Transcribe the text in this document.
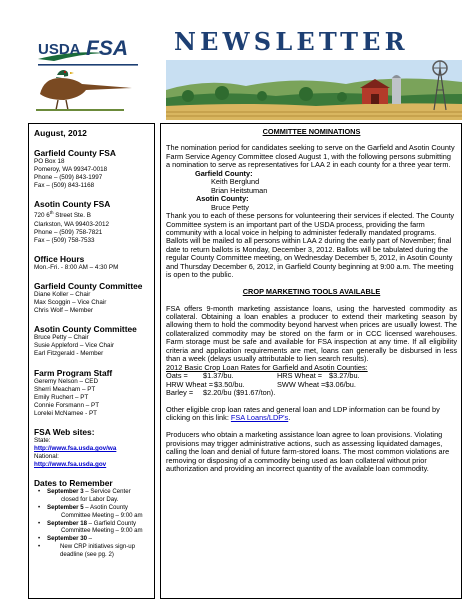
USDA FSA NEWSLETTER
August, 2012
Garfield County FSA
PO Box 18
Pomeroy, WA 99347-0018
Phone – (509) 843-1997
Fax – (509) 843-1168
Asotin County FSA
720 6th Street Ste. B
Clarkston, WA 99403-2012
Phone – (509) 758-7821
Fax – (509) 758-7533
Office Hours
Mon.-Fri. - 8:00 AM – 4:30 PM
Garfield County Committee
Diane Koller – Chair
Max Scoggin – Vice Chair
Chris Wolf – Member
Asotin County Committee
Bruce Petty – Chair
Susie Appleford – Vice Chair
Earl Fitzgerald - Member
Farm Program Staff
Geremy Nelson – CED
Sherri Meacham – PT
Emily Ruchert – PT
Connie Forsmann – PT
Lorelei McNamee - PT
FSA Web sites:
State:
http://www.fsa.usda.gov/wa
National:
http://www.fsa.usda.gov
Dates to Remember
• September 3 – Service Center
closed for Labor Day.
• September 5 – Asotin County
Committee Meeting – 9:00 am
• September 18 – Garfield County
Committee Meeting – 9:00 am
• September 30 –
• New CRP initiatives sign-up
deadline (see pg. 2)
COMMITTEE NOMINATIONS

The nomination period for candidates seeking to serve on the Garfield and Asotin County Farm Service Agency Committee closed August 1, with the following persons submitting a nomination to serve as representatives for LAA 2 in each county for a three year term.

Garfield County:
Keith Berglund
Brian Heitstuman
Asotin County:
Bruce Petty

Thank you to each of these persons for volunteering their services if elected. The County Committee system is an important part of the USDA process, providing the farm community with a local voice in helping to administer federally mandated programs. Ballots will be mailed to all persons within LAA 2 during the early part of November; final date to return ballots is Monday, December 3, 2012. Ballots will be tabulated during the regular County Committee meeting, on Wednesday December 5, 2012, in Asotin County and Thursday December 6, 2012, in Garfield County beginning at 9:00 a.m. The meeting is open to the public.

CROP MARKETING TOOLS AVAILABLE

FSA offers 9-month marketing assistance loans, using the harvested commodity as collateral. Obtaining a loan enables a producer to extend their marketing season by allowing them to hold the commodity beyond harvest when prices are usually lowest. The collateralized commodity may be stored on the farm or in CCC licensed warehouses. Farm storage must be safe and available for FSA inspection at any time. If all eligibility criteria and application requirements are met, loans can generally be disbursed in less than a week (delays usually attributable to lien search results).

2012 Basic Crop Loan Rates for Garfield and Asotin Counties:
Oats =	$1.37/bu.	HRS Wheat = $3.27/bu.
HRW Wheat = $3.50/bu.	SWW Wheat =$3.06/bu.
Barley =	$2.20/bu ($91.67/ton).

Other eligible crop loan rates and general loan and LDP information can be found by clicking on this link: FSA Loans/LDP's.

Producers who obtain a marketing assistance loan agree to loan provisions. Violating provisions may trigger administrative actions, such as assessing liquidated damages, calling the loan and denial of future farm-stored loans. The most common violations are removing or disposing of a commodity being used as loan collateral without prior authorization and providing an incorrect quantity of the available loan commodity.
